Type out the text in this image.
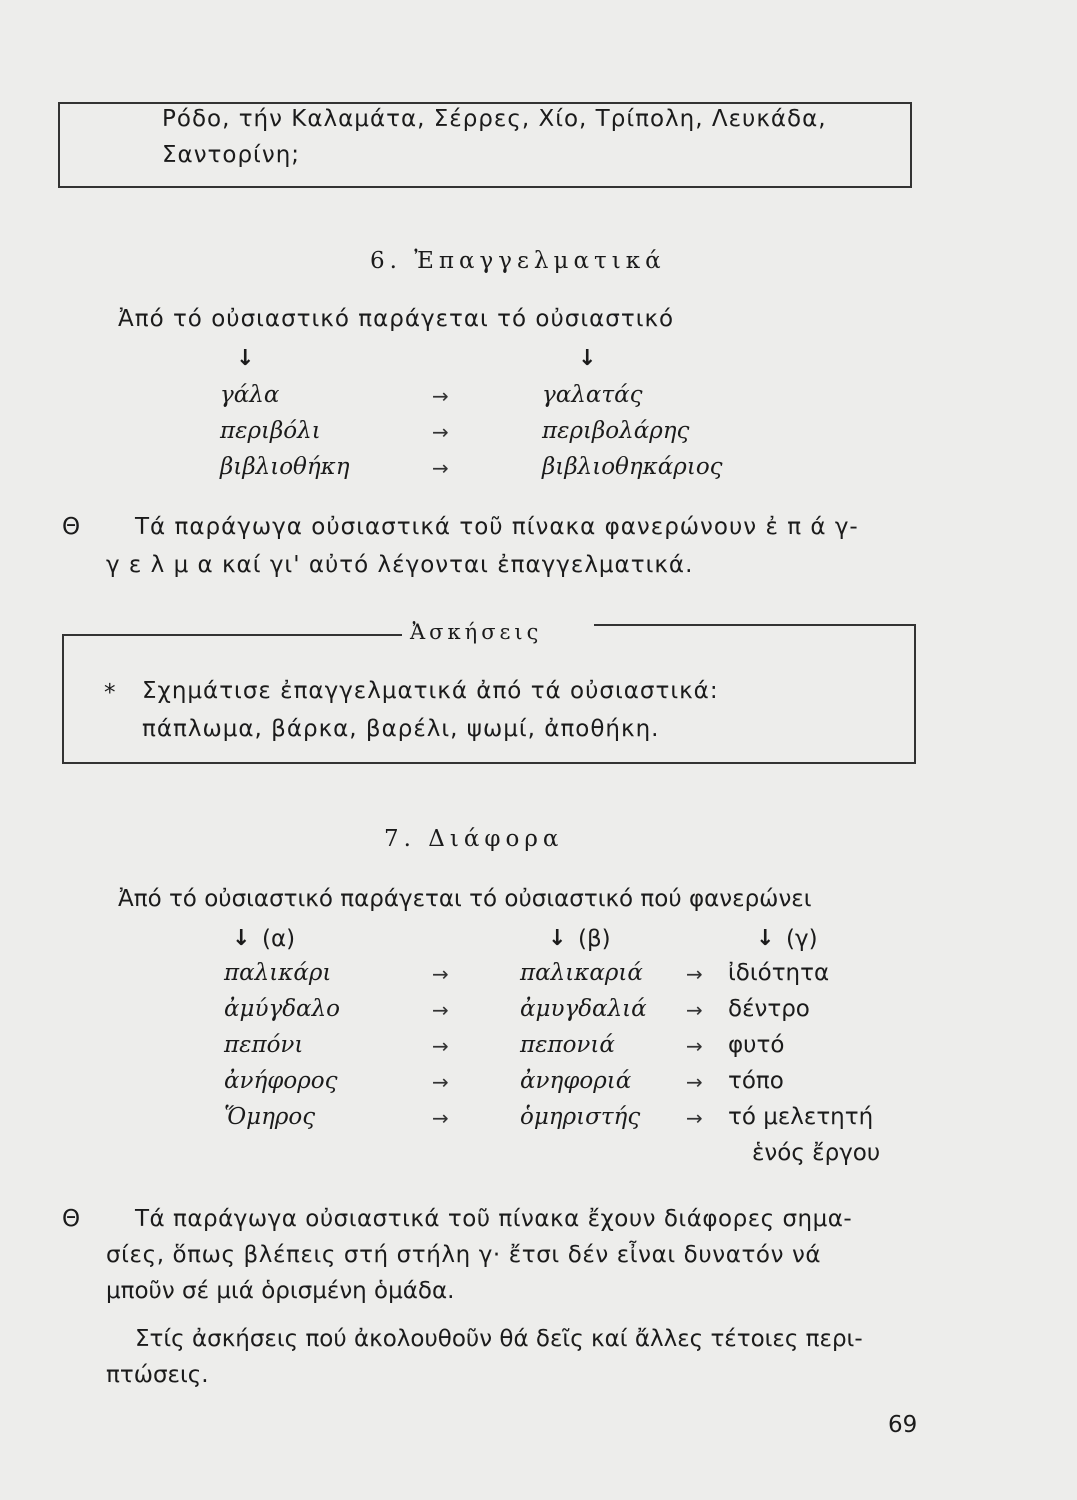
Ρόδο, τήν Καλαμάτα, Σέρρες, Χίο, Τρίπολη, Λευκάδα,
Σαντορίνη;
6. Ἐπαγγελματικά
Ἀπό τό οὐσιαστικό παράγεται τό οὐσιαστικό
↓	↓
γάλα	→	γαλατάς
περιβόλι	→	περιβολάρης
βιβλιοθήκη	→	βιβλιοθηκάριος
Θ Τά παράγωγα οὐσιαστικά τοῦ πίνακα φανερώνουν ἐ π ά γ-
γ ε λ μ α καί γι' αὐτό λέγονται ἐπαγγελματικά.
Ἀσκήσεις
* Σχημάτισε ἐπαγγελματικά ἀπό τά οὐσιαστικά:
πάπλωμα, βάρκα, βαρέλι, ψωμί, ἀποθήκη.
7. Διάφορα
Ἀπό τό οὐσιαστικό παράγεται τό οὐσιαστικό πού φανερώνει
↓ (α)	↓ (β)	↓ (γ)
παλικάρι	→	παλικαριά → ἰδιότητα
ἀμύγδαλο	→	ἀμυγδαλιά → δέντρο
πεπόνι	→	πεπονιά	→ φυτό
ἀνήφορος	→	ἀνηφοριά	→ τόπο
Ὅμηρος	→	ὁμηριστής → τό μελετητή
ἑνός ἔργου
Θ Τά παράγωγα οὐσιαστικά τοῦ πίνακα ἔχουν διάφορες σημα-
σίες, ὅπως βλέπεις στή στήλη γ· ἔτσι δέν εἶναι δυνατόν νά
μποῦν σέ μιά ὁρισμένη ὁμάδα.
Στίς ἀσκήσεις πού ἀκολουθοῦν θά δεῖς καί ἄλλες τέτοιες περι-
πτώσεις.
69
